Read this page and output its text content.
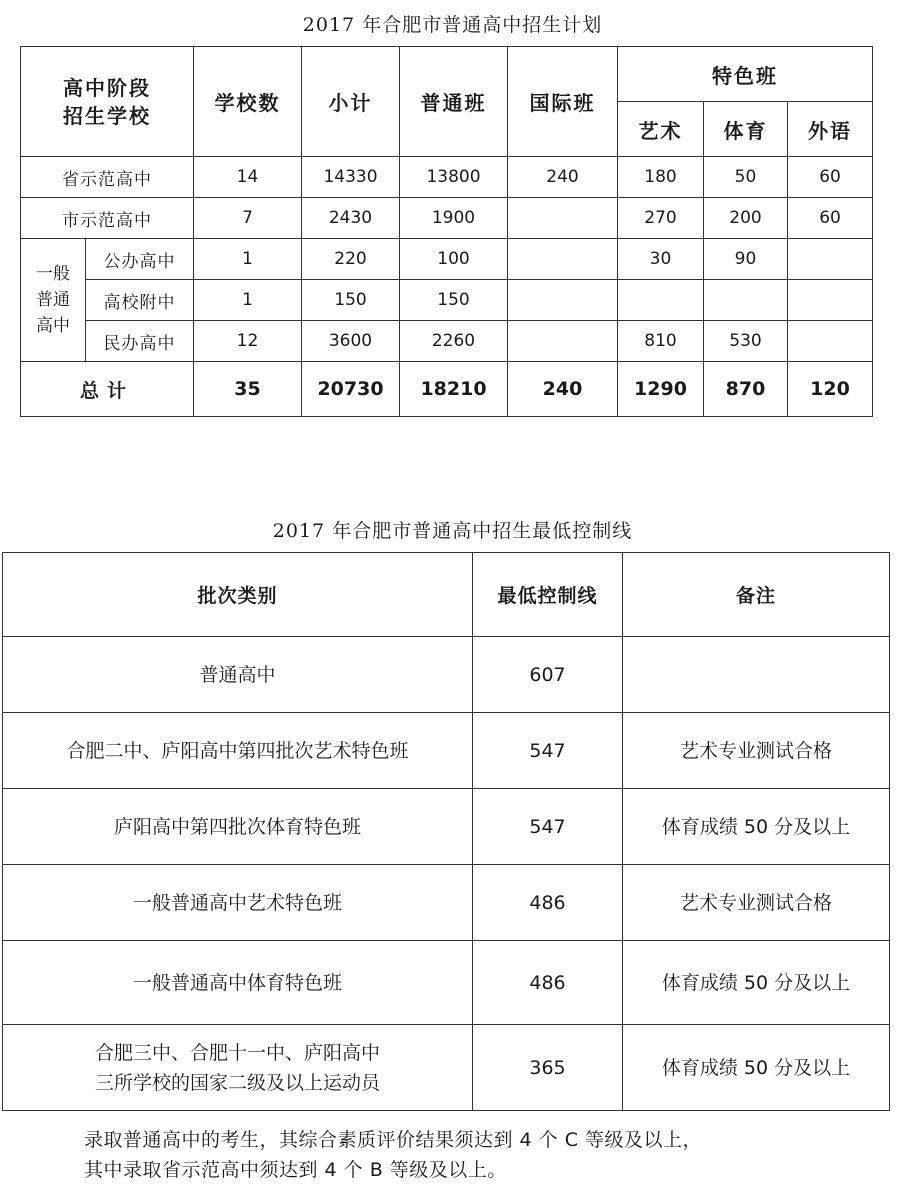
2017 年合肥市普通高中招生计划
高中阶段
招生学校		学校数	小计	普通班	国际班	特色班		
						艺术	体育	外语
省示范高中		14	14330	13800	240	180	50	60
市示范高中		7	2430	1900		270	200	60
一般
普通
高中	公办高中	1	220	100		30	90	
	高校附中	1	150	150				
	民办高中	12	3600	2260		810	530	
总计		35	20730	18210	240	1290	870	120
2017 年合肥市普通高中招生最低控制线
批次类别	最低控制线	备注
普通高中	607	
合肥二中、庐阳高中第四批次艺术特色班	547	艺术专业测试合格
庐阳高中第四批次体育特色班	547	体育成绩 50 分及以上
一般普通高中艺术特色班	486	艺术专业测试合格
一般普通高中体育特色班	486	体育成绩 50 分及以上
合肥三中、合肥十一中、庐阳高中
三所学校的国家二级及以上运动员	365	体育成绩 50 分及以上
录取普通高中的考生，其综合素质评价结果须达到 4 个 C 等级及以上，
其中录取省示范高中须达到 4 个 B 等级及以上。
